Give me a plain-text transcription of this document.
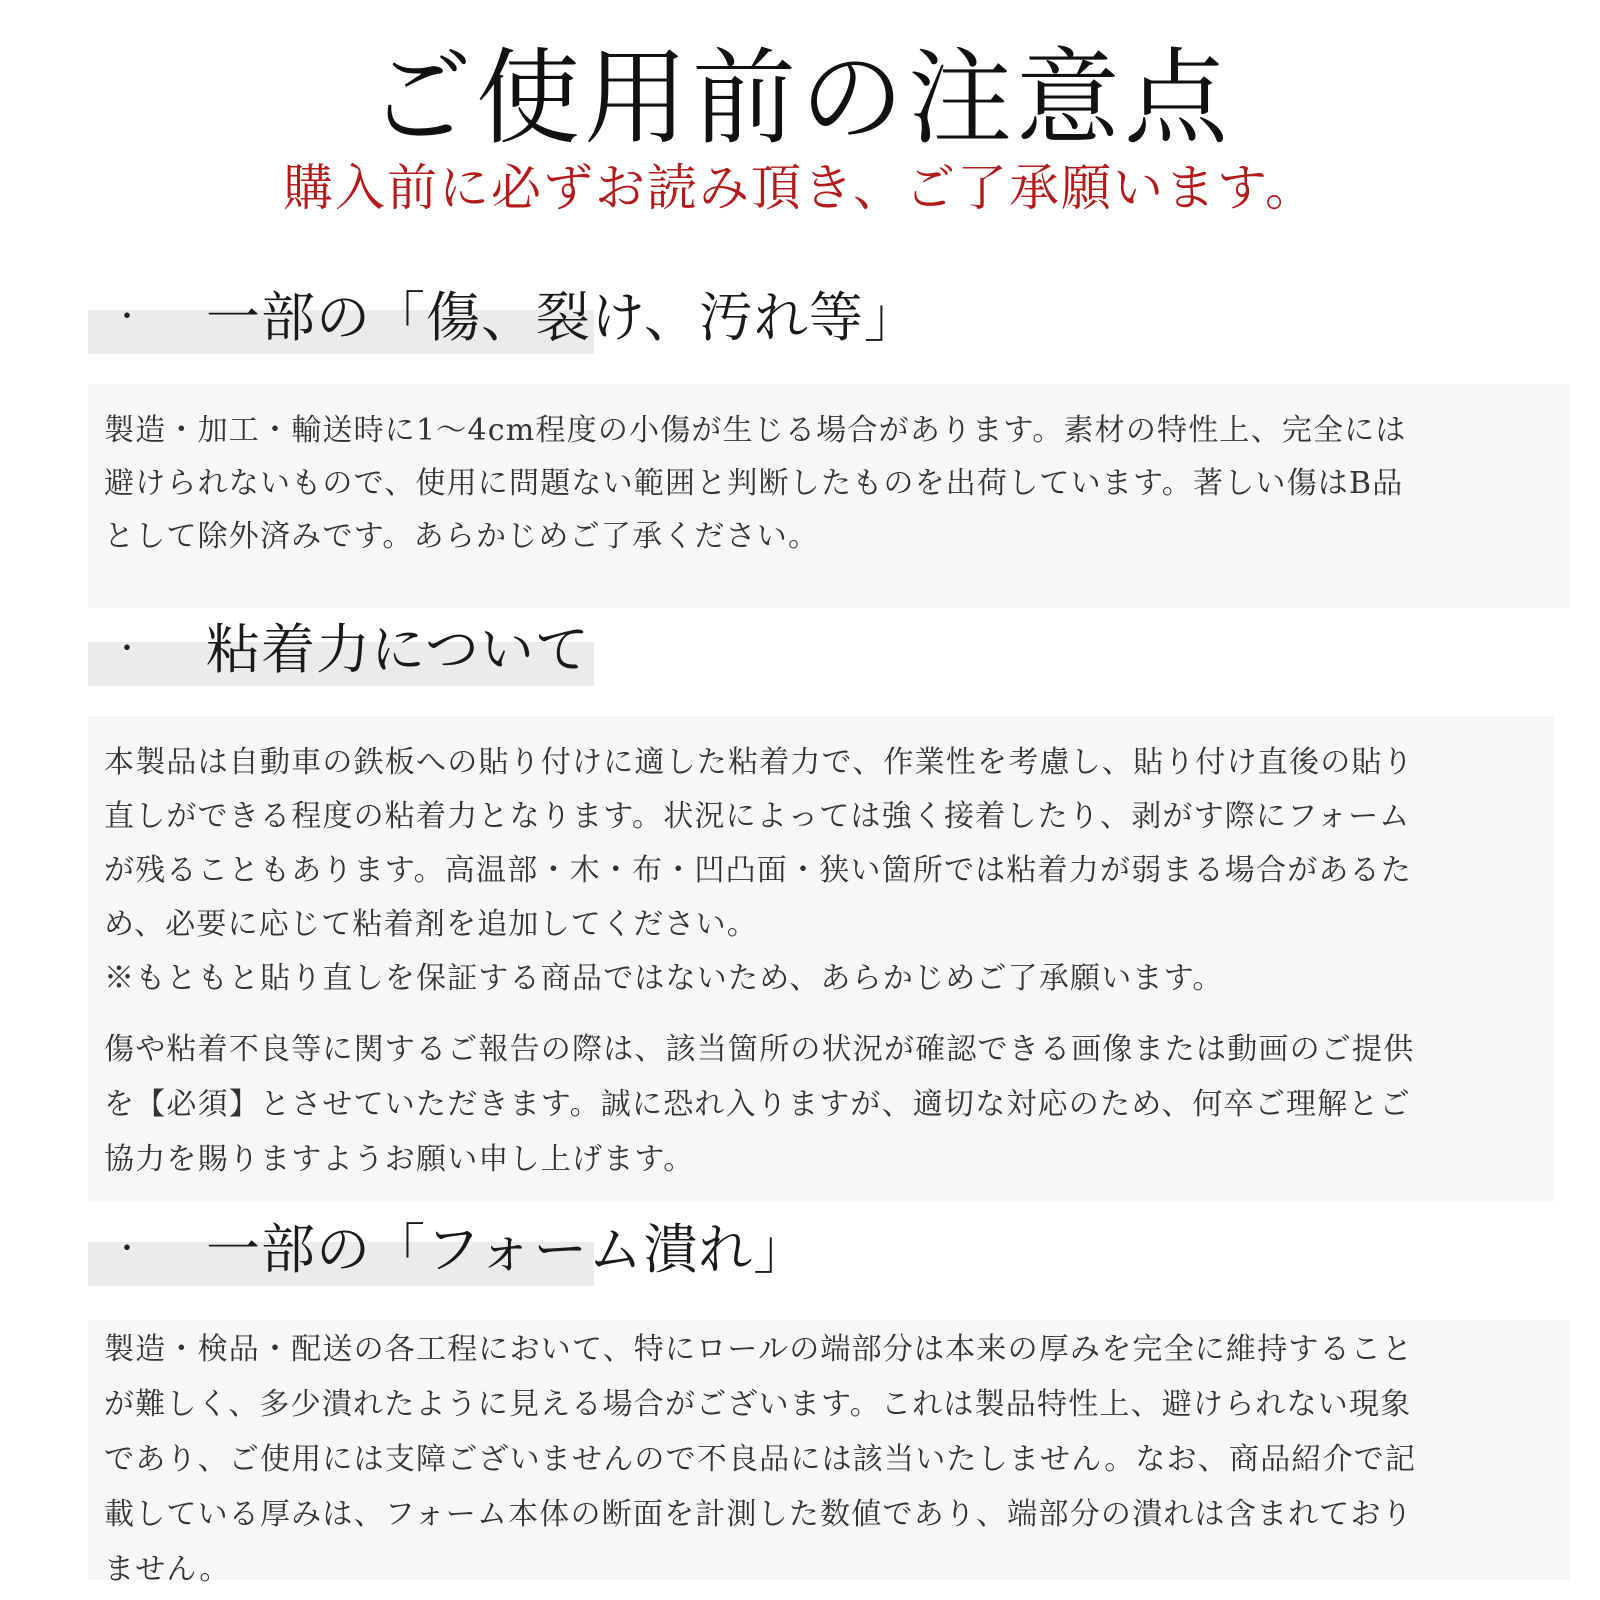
ご使用前の注意点
購入前に必ずお読み頂き、ご了承願います。
・ 一部の「傷、裂け、汚れ等」

製造・加工・輸送時に1〜4cm程度の小傷が生じる場合があります。素材の特性上、完全には
避けられないもので、使用に問題ない範囲と判断したものを出荷しています。著しい傷はB品
として除外済みです。あらかじめご了承ください。

・ 粘着力について

本製品は自動車の鉄板への貼り付けに適した粘着力で、作業性を考慮し、貼り付け直後の貼り
直しができる程度の粘着力となります。状況によっては強く接着したり、剥がす際にフォーム
が残ることもあります。高温部・木・布・凹凸面・狭い箇所では粘着力が弱まる場合があるた
め、必要に応じて粘着剤を追加してください。
※もともと貼り直しを保証する商品ではないため、あらかじめご了承願います。

傷や粘着不良等に関するご報告の際は、該当箇所の状況が確認できる画像または動画のご提供
を【必須】とさせていただきます。誠に恐れ入りますが、適切な対応のため、何卒ご理解とご
協力を賜りますようお願い申し上げます。

・ 一部の「フォーム潰れ」

製造・検品・配送の各工程において、特にロールの端部分は本来の厚みを完全に維持すること
が難しく、多少潰れたように見える場合がございます。これは製品特性上、避けられない現象
であり、ご使用には支障ございませんので不良品には該当いたしません。なお、商品紹介で記
載している厚みは、フォーム本体の断面を計測した数値であり、端部分の潰れは含まれており
ません。
